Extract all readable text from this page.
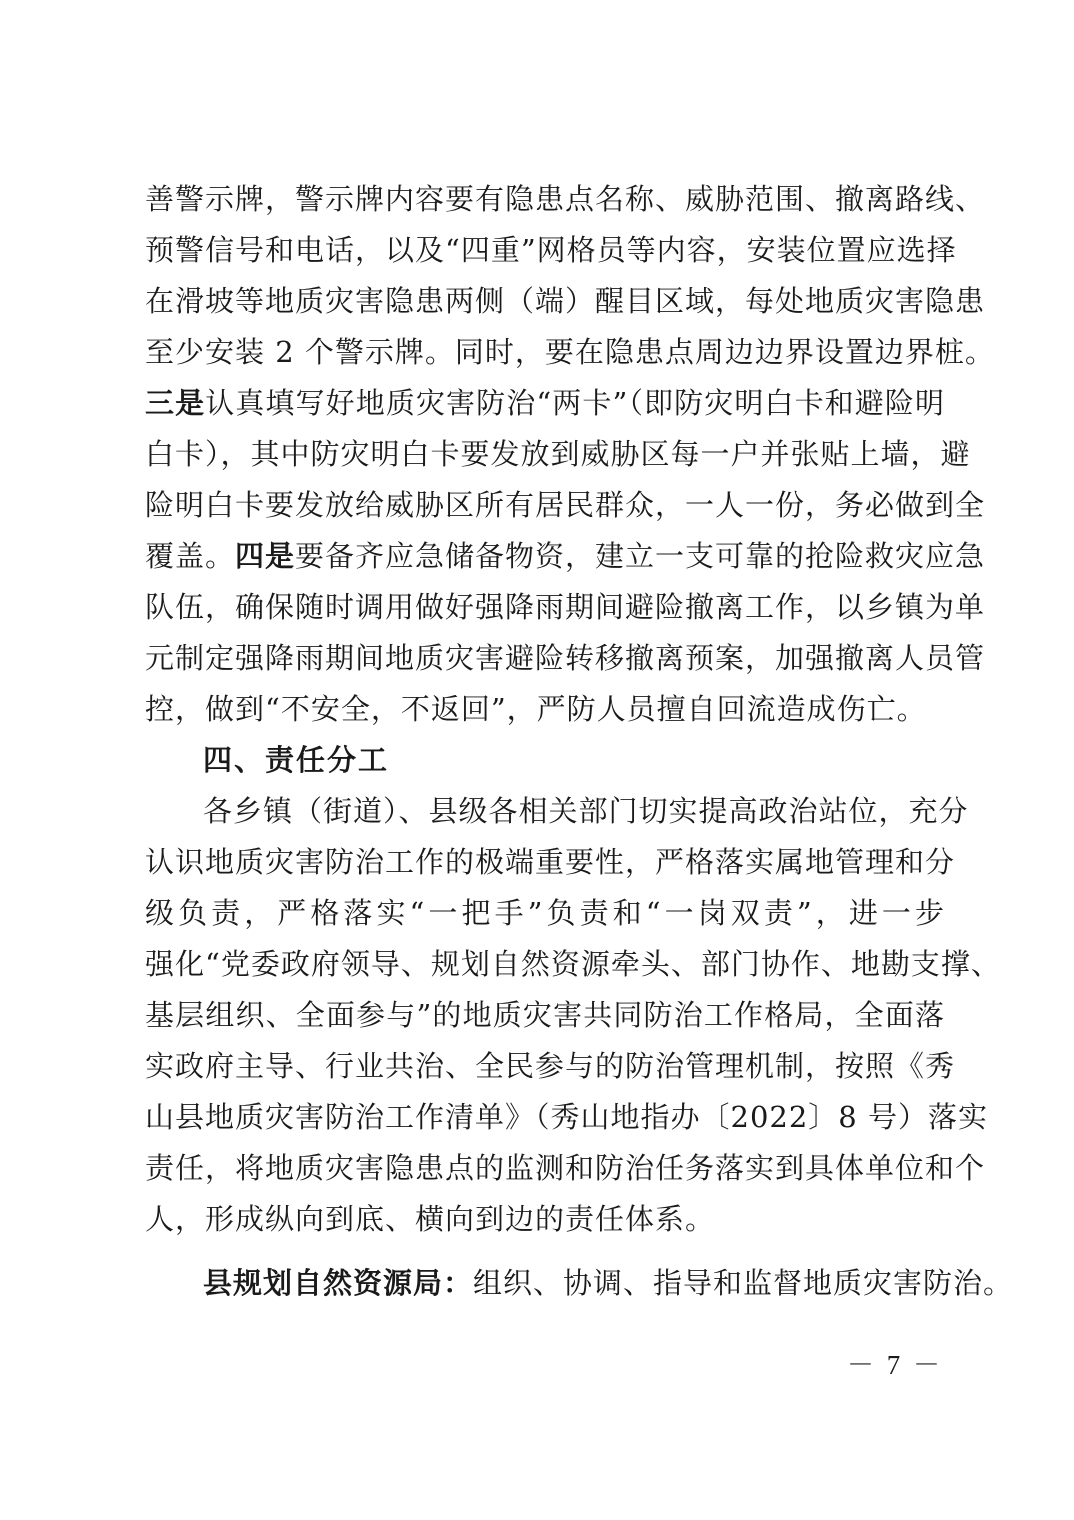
善警示牌，警示牌内容要有隐患点名称、威胁范围、撤离路线、
预警信号和电话，以及“四重”网格员等内容，安装位置应选择
在滑坡等地质灾害隐患两侧（端）醒目区域，每处地质灾害隐患
至少安装 2 个警示牌。同时，要在隐患点周边边界设置边界桩。
三是认真填写好地质灾害防治“两卡”（即防灾明白卡和避险明
白卡），其中防灾明白卡要发放到威胁区每一户并张贴上墙，避
险明白卡要发放给威胁区所有居民群众，一人一份，务必做到全
覆盖。四是要备齐应急储备物资，建立一支可靠的抢险救灾应急
队伍，确保随时调用做好强降雨期间避险撤离工作，以乡镇为单
元制定强降雨期间地质灾害避险转移撤离预案，加强撤离人员管
控，做到“不安全，不返回”，严防人员擅自回流造成伤亡。
四、责任分工
各乡镇（街道）、县级各相关部门切实提高政治站位，充分
认识地质灾害防治工作的极端重要性，严格落实属地管理和分
级负责，严格落实“一把手”负责和“一岗双责”，进一步
强化“党委政府领导、规划自然资源牵头、部门协作、地勘支撑、
基层组织、全面参与”的地质灾害共同防治工作格局，全面落
实政府主导、行业共治、全民参与的防治管理机制，按照《秀
山县地质灾害防治工作清单》（秀山地指办〔2022〕8 号）落实
责任，将地质灾害隐患点的监测和防治任务落实到具体单位和个
人，形成纵向到底、横向到边的责任体系。
县规划自然资源局：组织、协调、指导和监督地质灾害防治。
－ 7 －
